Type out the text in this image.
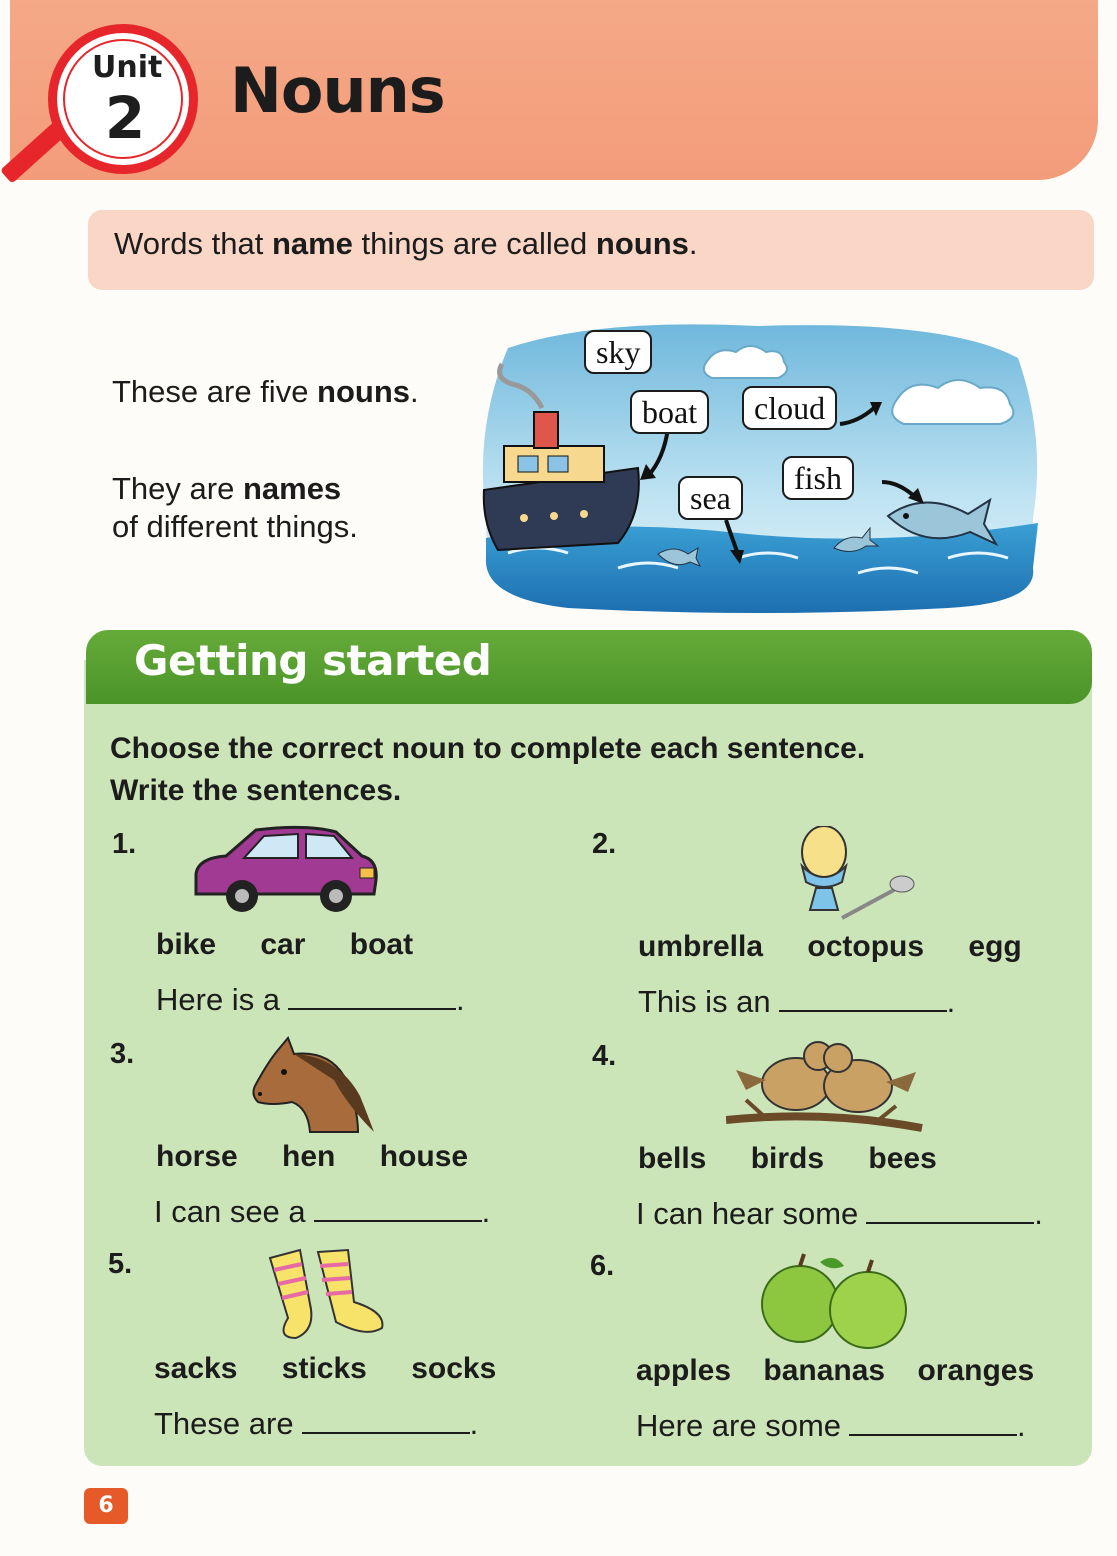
Unit
2 Nouns
Words that name things are called nouns.
These are five nouns.
They are names
of different things.
sky
boat	cloud
sea
fish
Getting started
Choose the correct noun to complete each sentence.
Write the sentences.
1.
bike car boat
Here is a	.
2.
umbrella octopus egg
This is an	.
3.
horse hen house
I can see a	.
4.
bells birds bees
I can hear some	.
5.
sacks sticks socks
These are	.
6.
apples bananas oranges
Here are some	.
6
